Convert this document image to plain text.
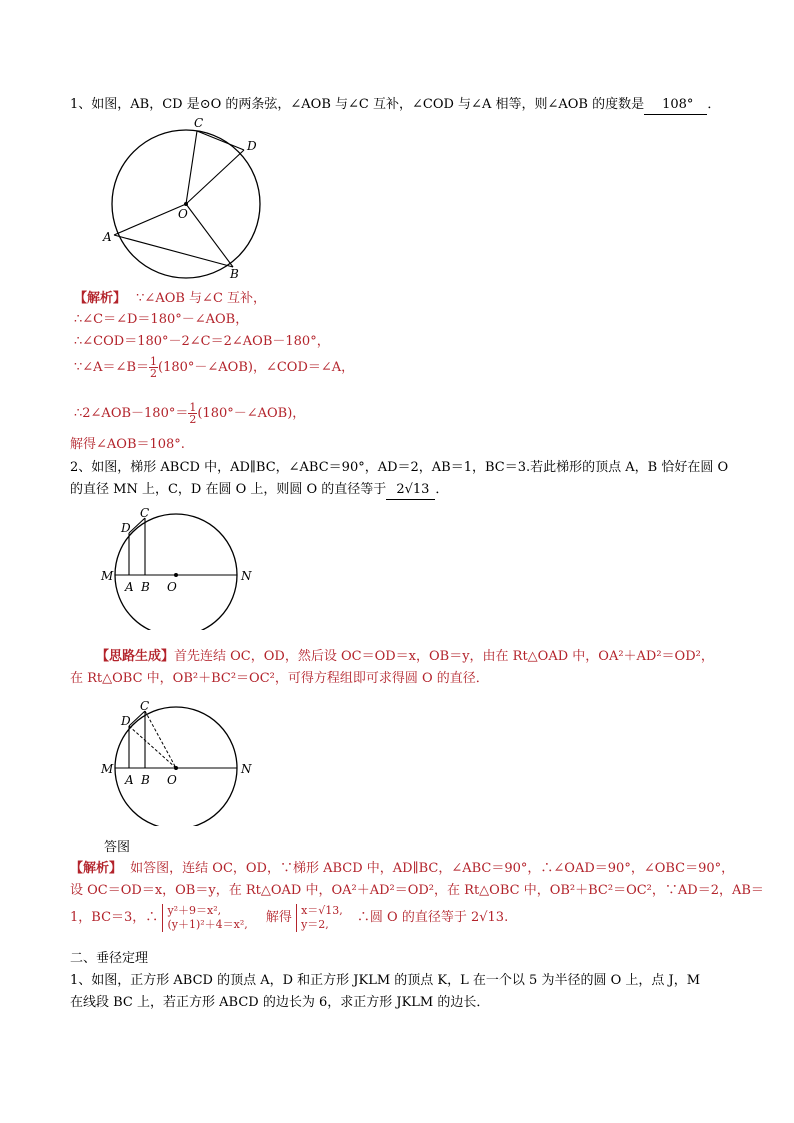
1、如图，AB，CD 是⊙O 的两条弦，∠AOB 与∠C 互补，∠COD 与∠A 相等，则∠AOB 的度数是 108° ．
C
D
O
A
B
【解析】 ∵∠AOB 与∠C 互补，
∴∠C＝∠D＝180°－∠AOB，
∴∠COD＝180°－2∠C＝2∠AOB－180°，
∵∠A＝∠B＝ $\frac{1}{2}$ (180°－∠AOB)，∠COD＝∠A，
∴2∠AOB－180°＝ $\frac{1}{2}$ (180°－∠AOB)，
解得∠AOB＝108°.
2、如图，梯形 ABCD 中，AD∥BC，∠ABC＝90°，AD＝2，AB＝1，BC＝3.若此梯形的顶点 A，B 恰好在圆 O
的直径 MN 上，C，D 在圆 O 上，则圆 O 的直径等于 2√13 ．
D
C
M
A B O
N
【思路生成】首先连结 OC，OD，然后设 OC＝OD＝x，OB＝y，由在 Rt△OAD 中，OA²＋AD²＝OD²，
在 Rt△OBC 中，OB²＋BC²＝OC²，可得方程组即可求得圆 O 的直径．
D
C
M
A B O
N
答图
【解析】 如答图，连结 OC，OD，∵梯形 ABCD 中，AD∥BC，∠ABC＝90°，∴∠OAD＝90°，∠OBC＝90°，
设 OC＝OD＝x，OB＝y，在 Rt△OAD 中，OA²＋AD²＝OD²，在 Rt△OBC 中，OB²＋BC²＝OC²，∵AD＝2，AB＝
1，BC＝3，∴ y²＋9＝x²,
(y＋1)²＋4＝x², 解得 x＝√13,
y＝2,	∴圆 O 的直径等于 2√13.
二、垂径定理
1、如图，正方形 ABCD 的顶点 A，D 和正方形 JKLM 的顶点 K，L 在一个以 5 为半径的圆 O 上，点 J，M
在线段 BC 上，若正方形 ABCD 的边长为 6，求正方形 JKLM 的边长．
